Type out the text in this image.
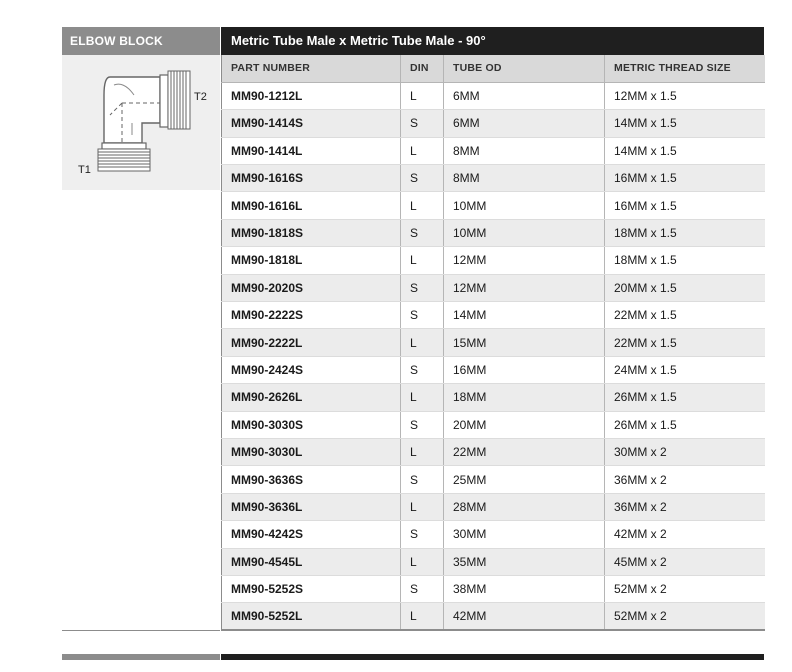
ELBOW BLOCK
T2
T1
Metric Tube Male x Metric Tube Male - 90°
PART NUMBER	DIN	TUBE OD	METRIC THREAD SIZE
MM90-1212L	L	6MM	12MM x 1.5
MM90-1414S	S	6MM	14MM x 1.5
MM90-1414L	L	8MM	14MM x 1.5
MM90-1616S	S	8MM	16MM x 1.5
MM90-1616L	L	10MM	16MM x 1.5
MM90-1818S	S	10MM	18MM x 1.5
MM90-1818L	L	12MM	18MM x 1.5
MM90-2020S	S	12MM	20MM x 1.5
MM90-2222S	S	14MM	22MM x 1.5
MM90-2222L	L	15MM	22MM x 1.5
MM90-2424S	S	16MM	24MM x 1.5
MM90-2626L	L	18MM	26MM x 1.5
MM90-3030S	S	20MM	26MM x 1.5
MM90-3030L	L	22MM	30MM x 2
MM90-3636S	S	25MM	36MM x 2
MM90-3636L	L	28MM	36MM x 2
MM90-4242S	S	30MM	42MM x 2
MM90-4545L	L	35MM	45MM x 2
MM90-5252S	S	38MM	52MM x 2
MM90-5252L	L	42MM	52MM x 2
